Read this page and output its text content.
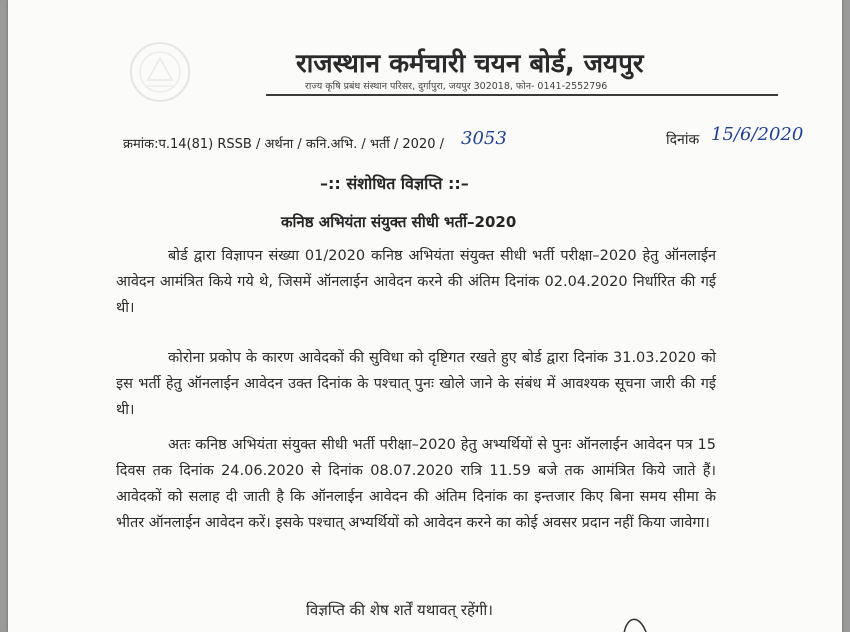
राजस्थान कर्मचारी चयन बोर्ड, जयपुर
राज्य कृषि प्रबंध संस्थान परिसर, दुर्गापुरा, जयपुर 302018, फोन- 0141-2552796
क्रमांक:प.14(81) RSSB / अर्थना / कनि.अभि. / भर्ती / 2020 / 3053	दिनांक 15/6/2020
–:: संशोधित विज्ञप्ति ::–
कनिष्ठ अभियंता संयुक्त सीधी भर्ती–2020
बोर्ड द्वारा विज्ञापन संख्या 01/2020 कनिष्ठ अभियंता संयुक्त सीधी भर्ती परीक्षा–2020 हेतु ऑनलाईन आवेदन आमंत्रित किये गये थे, जिसमें ऑनलाईन आवेदन करने की अंतिम दिनांक 02.04.2020 निर्धारित की गई थी।
कोरोना प्रकोप के कारण आवेदकों की सुविधा को दृष्टिगत रखते हुए बोर्ड द्वारा दिनांक 31.03.2020 को इस भर्ती हेतु ऑनलाईन आवेदन उक्त दिनांक के पश्चात् पुनः खोले जाने के संबंध में आवश्यक सूचना जारी की गई थी।
अतः कनिष्ठ अभियंता संयुक्त सीधी भर्ती परीक्षा–2020 हेतु अभ्यर्थियों से पुनः ऑनलाईन आवेदन पत्र 15 दिवस तक दिनांक 24.06.2020 से दिनांक 08.07.2020 रात्रि 11.59 बजे तक आमंत्रित किये जाते हैं। आवेदकों को सलाह दी जाती है कि ऑनलाईन आवेदन की अंतिम दिनांक का इन्तजार किए बिना समय सीमा के भीतर ऑनलाईन आवेदन करें। इसके पश्चात् अभ्यर्थियों को आवेदन करने का कोई अवसर प्रदान नहीं किया जावेगा।
विज्ञप्ति की शेष शर्तें यथावत् रहेंगी।
